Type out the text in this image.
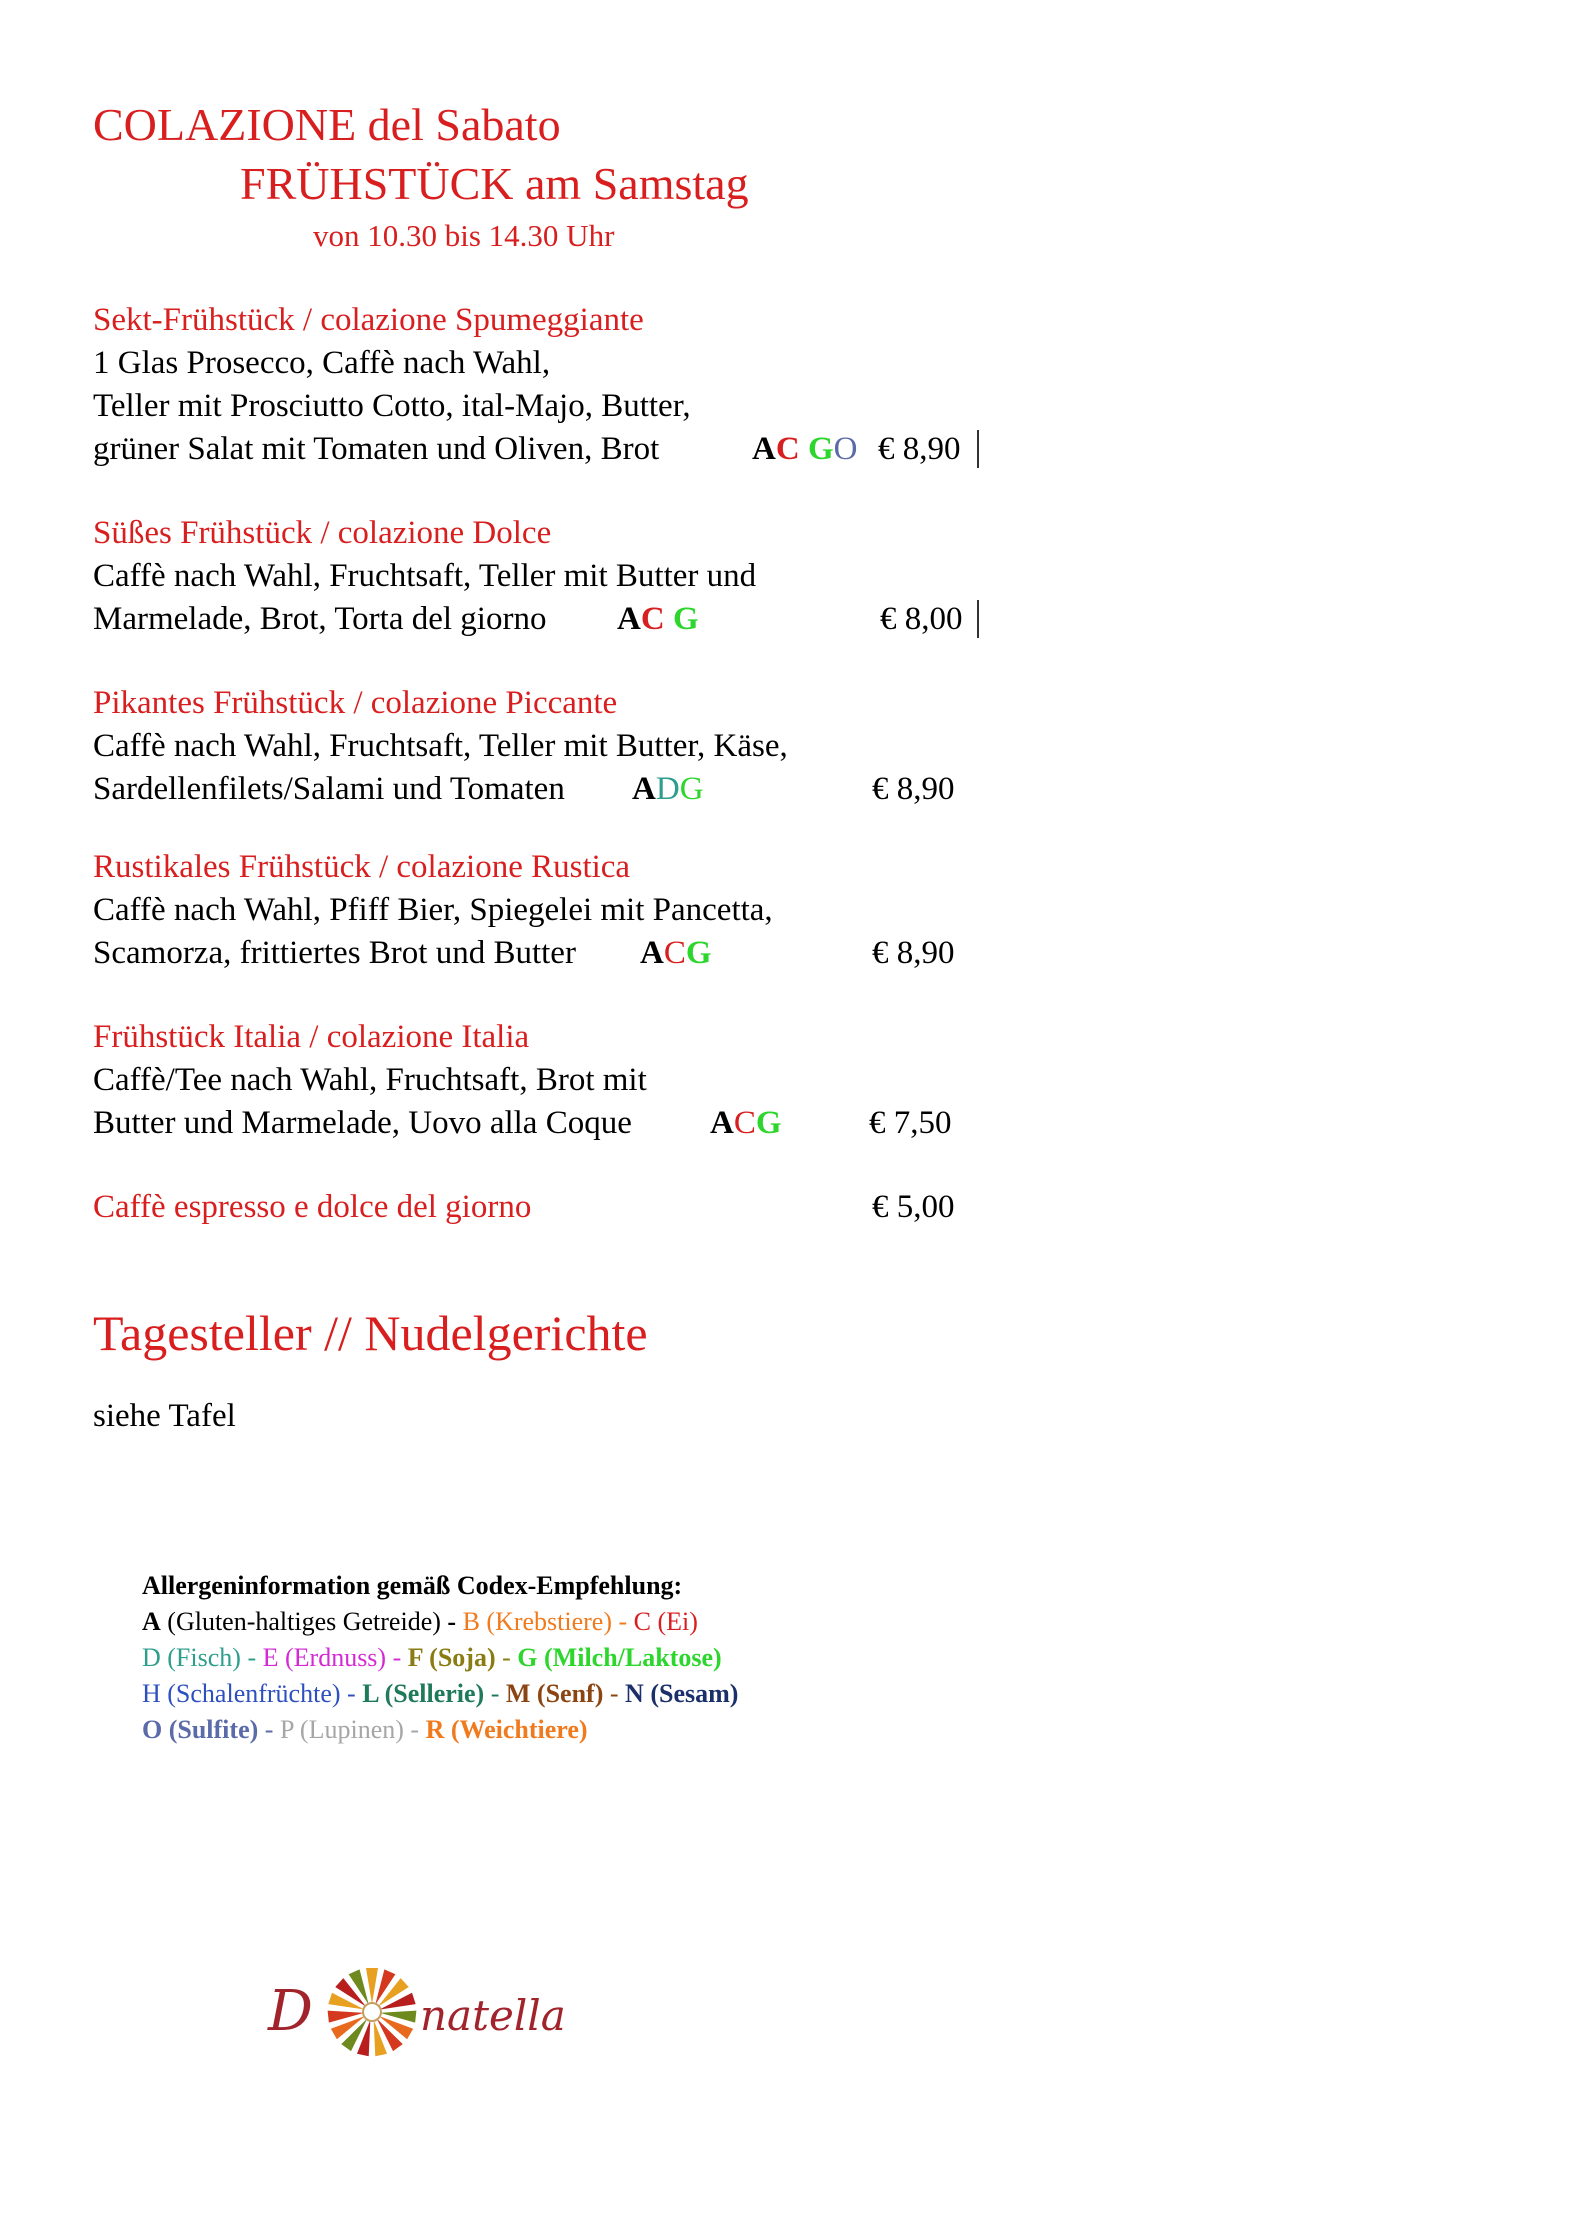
COLAZIONE del Sabato
FRÜHSTÜCK am Samstag
von 10.30 bis 14.30 Uhr
Sekt-Frühstück / colazione Spumeggiante
1 Glas Prosecco, Caffè nach Wahl,
Teller mit Prosciutto Cotto, ital-Majo, Butter,
grüner Salat mit Tomaten und Oliven, Brot	AC GO € 8,90
Süßes Frühstück / colazione Dolce
Caffè nach Wahl, Fruchtsaft, Teller mit Butter und
Marmelade, Brot, Torta del giorno AC G	€ 8,00
Pikantes Frühstück / colazione Piccante
Caffè nach Wahl, Fruchtsaft, Teller mit Butter, Käse,
Sardellenfilets/Salami und Tomaten ADG	€ 8,90
Rustikales Frühstück / colazione Rustica
Caffè nach Wahl, Pfiff Bier, Spiegelei mit Pancetta,
Scamorza, frittiertes Brot und Butter ACG	€ 8,90
Frühstück Italia / colazione Italia
Caffè/Tee nach Wahl, Fruchtsaft, Brot mit
Butter und Marmelade, Uovo alla Coque ACG	€ 7,50
Caffè espresso e dolce del giorno	€ 5,00
Tagesteller // Nudelgerichte
siehe Tafel
Allergeninformation gemäß Codex-Empfehlung:
A (Gluten-haltiges Getreide) - B (Krebstiere) - C (Ei)
D (Fisch) - E (Erdnuss) - F (Soja) - G (Milch/Laktose)
H (Schalenfrüchte) - L (Sellerie) - M (Senf) - N (Sesam)
O (Sulfite) - P (Lupinen) - R (Weichtiere)
D	natella
